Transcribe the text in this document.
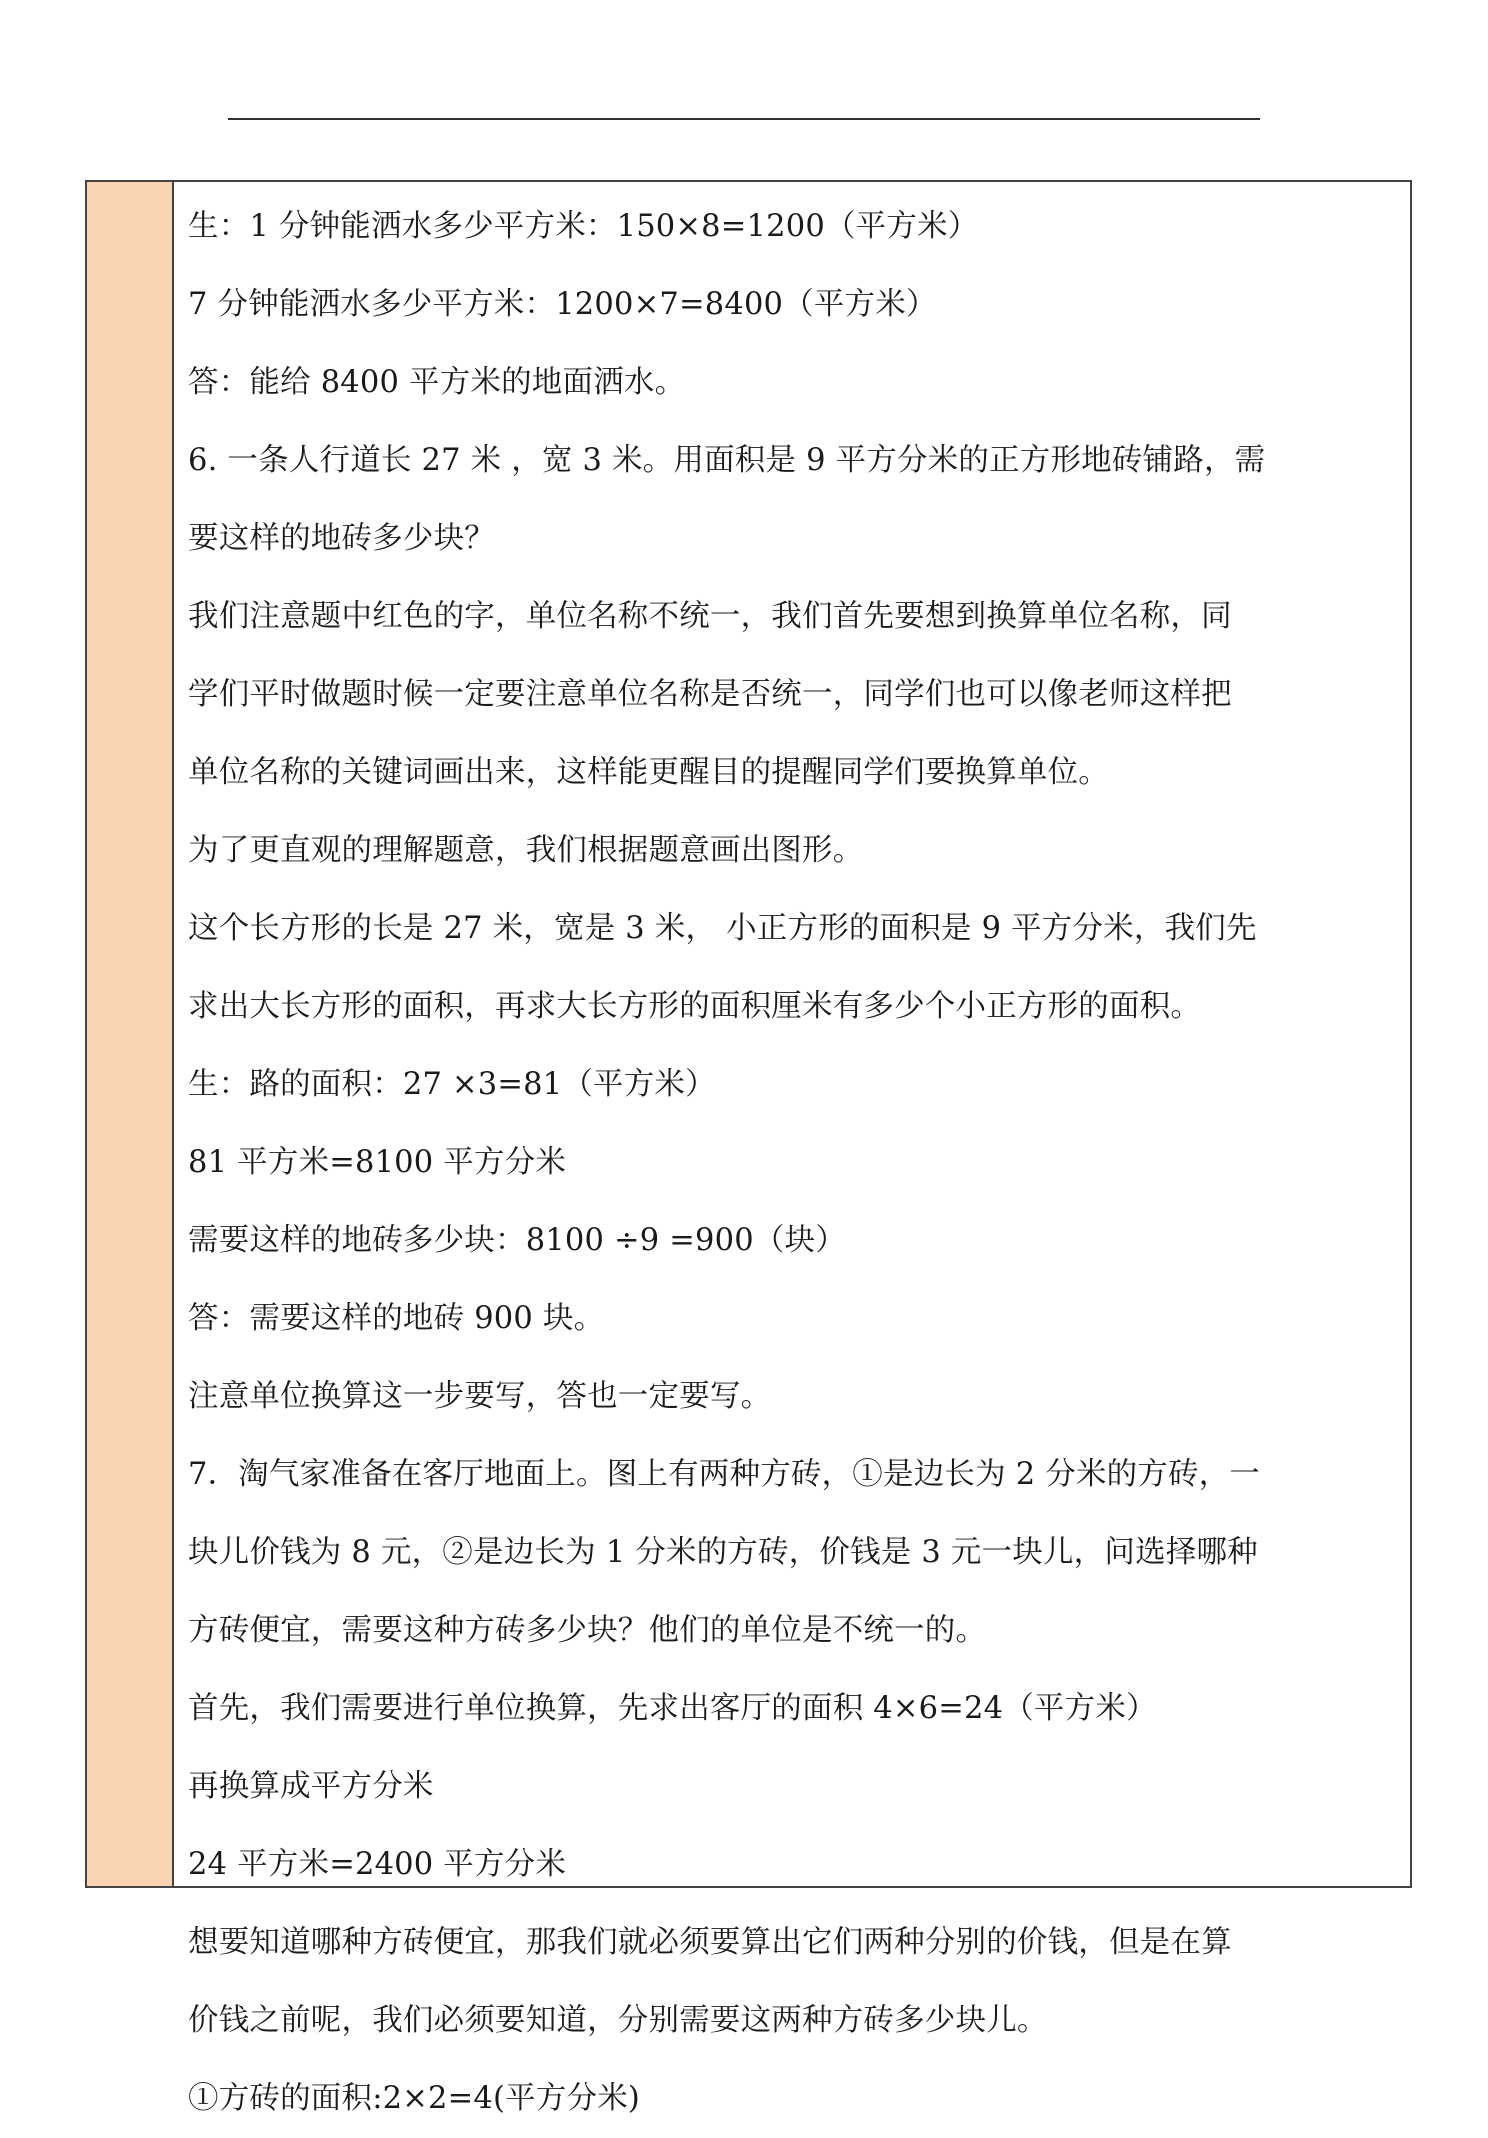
生：1 分钟能洒水多少平方米：150×8=1200（平方米）
7 分钟能洒水多少平方米：1200×7=8400（平方米）
答：能给 8400 平方米的地面洒水。
6. 一条人行道长 27 米 ，宽 3 米。用面积是 9 平方分米的正方形地砖铺路，需
要这样的地砖多少块？
我们注意题中红色的字，单位名称不统一，我们首先要想到换算单位名称，同
学们平时做题时候一定要注意单位名称是否统一，同学们也可以像老师这样把
单位名称的关键词画出来，这样能更醒目的提醒同学们要换算单位。
为了更直观的理解题意，我们根据题意画出图形。
这个长方形的长是 27 米，宽是 3 米， 小正方形的面积是 9 平方分米，我们先
求出大长方形的面积，再求大长方形的面积厘米有多少个小正方形的面积。
生：路的面积：27 ×3=81（平方米）
81 平方米=8100 平方分米
需要这样的地砖多少块：8100 ÷9 =900（块）
答：需要这样的地砖 900 块。
注意单位换算这一步要写，答也一定要写。
7．淘气家准备在客厅地面上。图上有两种方砖，①是边长为 2 分米的方砖，一
块儿价钱为 8 元，②是边长为 1 分米的方砖，价钱是 3 元一块儿，问选择哪种
方砖便宜，需要这种方砖多少块？他们的单位是不统一的。
首先，我们需要进行单位换算，先求出客厅的面积 4×6=24（平方米）
再换算成平方分米
24 平方米=2400 平方分米
想要知道哪种方砖便宜，那我们就必须要算出它们两种分别的价钱，但是在算
价钱之前呢，我们必须要知道，分别需要这两种方砖多少块儿。
①方砖的面积:2×2=4(平方分米)
